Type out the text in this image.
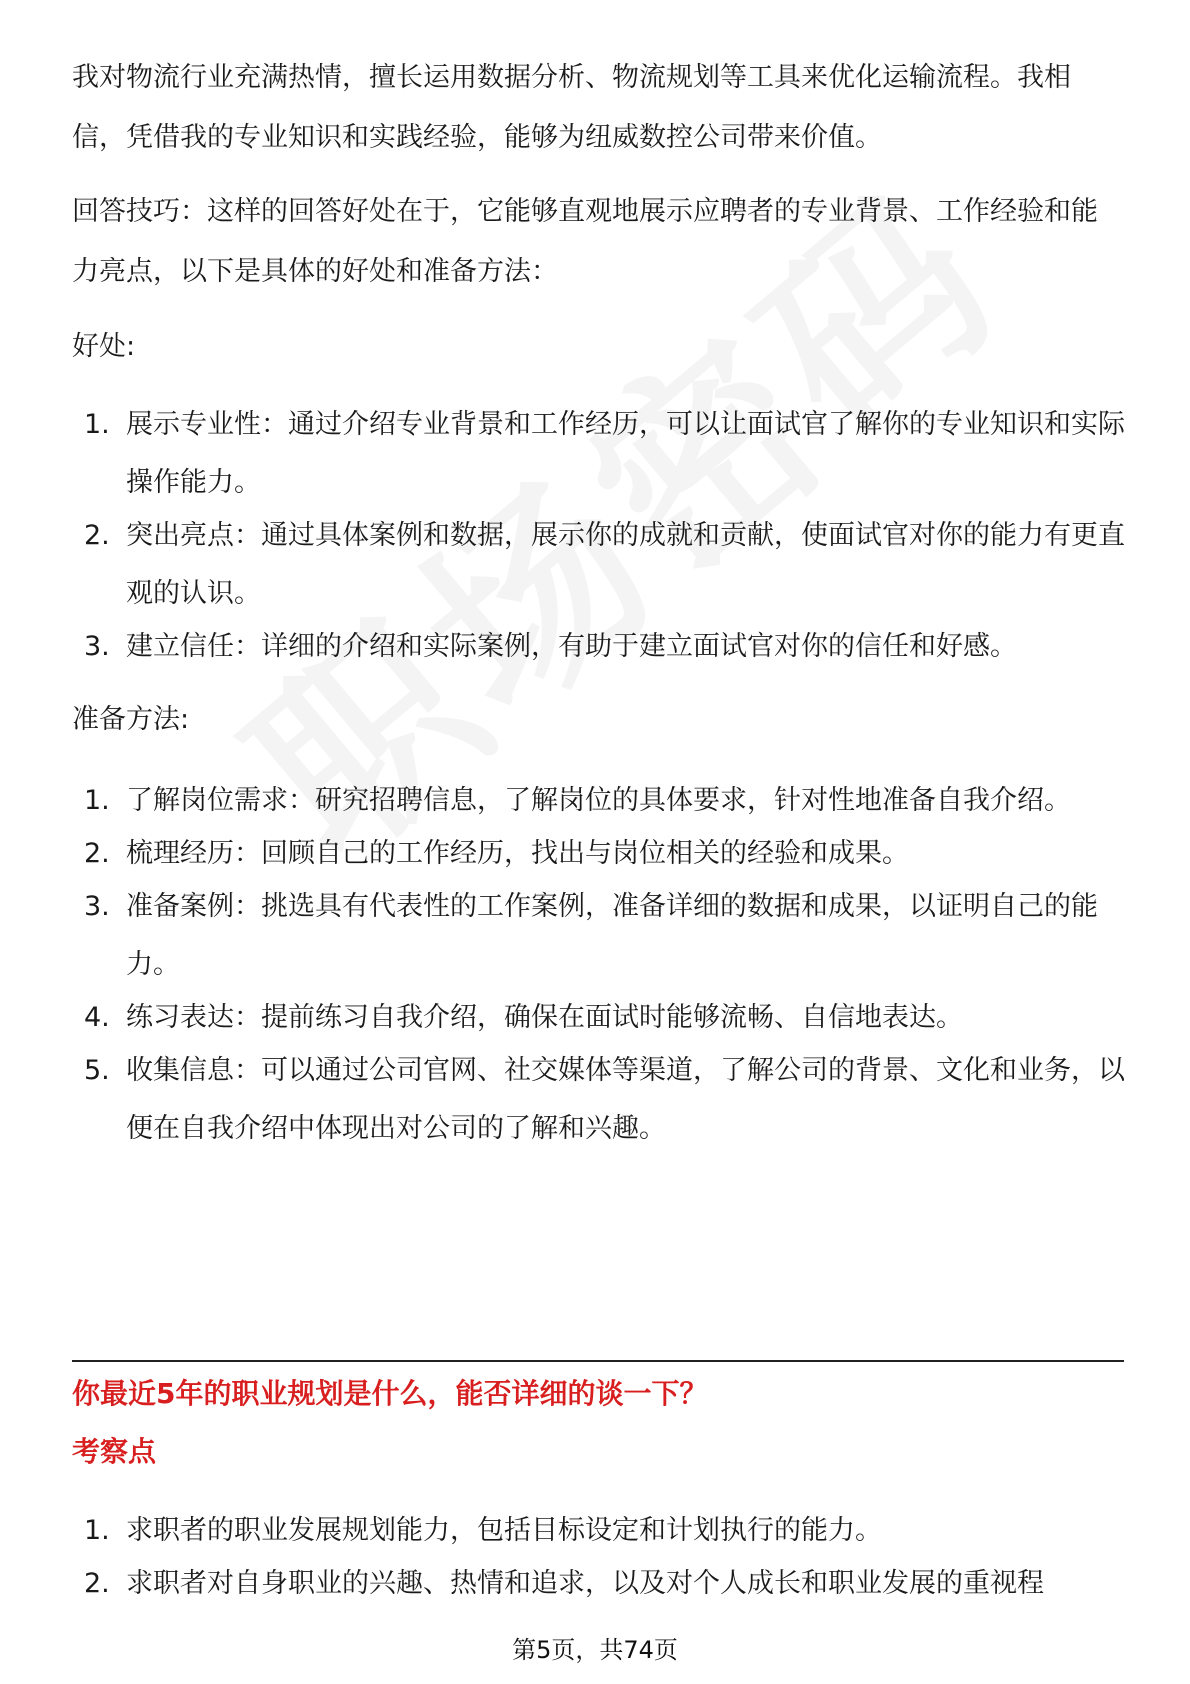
我对物流行业充满热情，擅长运用数据分析、物流规划等工具来优化运输流程。我相信，凭借我的专业知识和实践经验，能够为纽威数控公司带来价值。

回答技巧：这样的回答好处在于，它能够直观地展示应聘者的专业背景、工作经验和能力亮点，以下是具体的好处和准备方法：

好处:

1. 展示专业性：通过介绍专业背景和工作经历，可以让面试官了解你的专业知识和实际操作能力。
2. 突出亮点：通过具体案例和数据，展示你的成就和贡献，使面试官对你的能力有更直观的认识。
3. 建立信任：详细的介绍和实际案例，有助于建立面试官对你的信任和好感。

准备方法:

1. 了解岗位需求：研究招聘信息，了解岗位的具体要求，针对性地准备自我介绍。
2. 梳理经历：回顾自己的工作经历，找出与岗位相关的经验和成果。
3. 准备案例：挑选具有代表性的工作案例，准备详细的数据和成果，以证明自己的能力。
4. 练习表达：提前练习自我介绍，确保在面试时能够流畅、自信地表达。
5. 收集信息：可以通过公司官网、社交媒体等渠道，了解公司的背景、文化和业务，以便在自我介绍中体现出对公司的了解和兴趣。
你最近5年的职业规划是什么，能否详细的谈一下？
考察点
1. 求职者的职业发展规划能力，包括目标设定和计划执行的能力。
2. 求职者对自身职业的兴趣、热情和追求，以及对个人成长和职业发展的重视程
第5页，共74页
